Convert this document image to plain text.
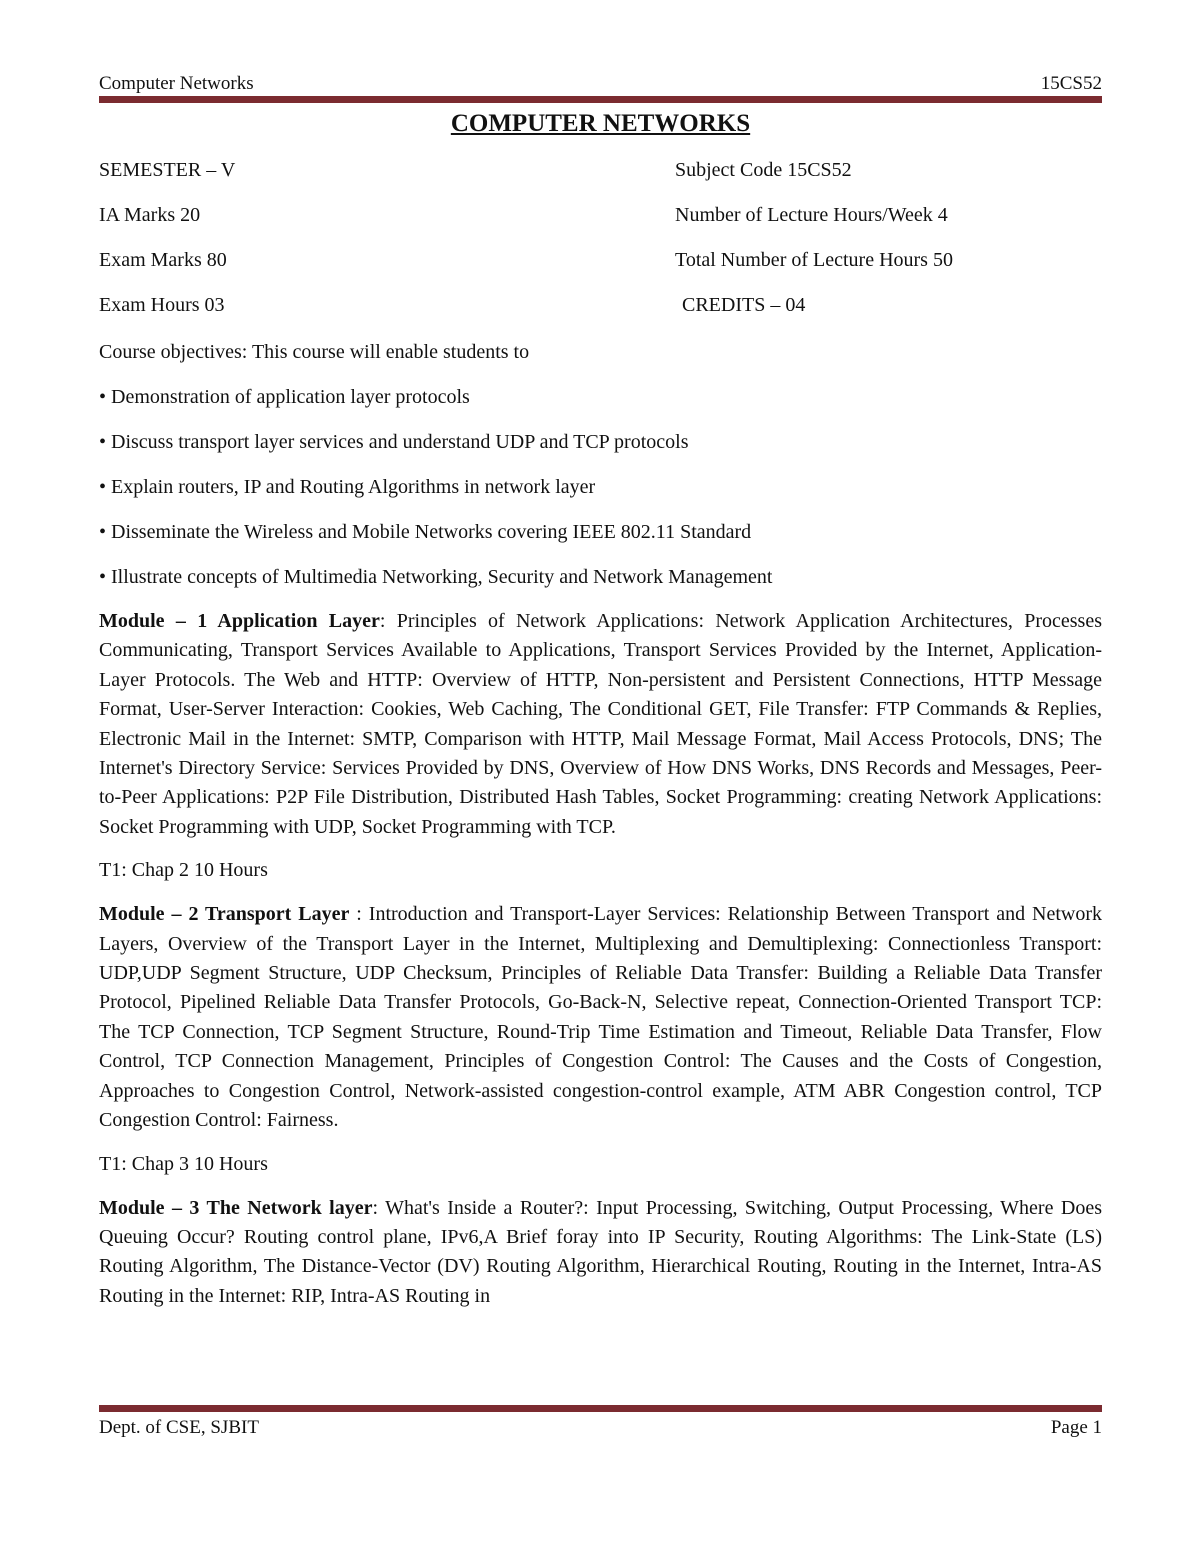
Computer Networks	15CS52
COMPUTER NETWORKS
SEMESTER – V	Subject Code 15CS52
IA Marks 20	Number of Lecture Hours/Week 4
Exam Marks 80	Total Number of Lecture Hours 50
Exam Hours 03	CREDITS – 04
Course objectives: This course will enable students to
• Demonstration of application layer protocols
• Discuss transport layer services and understand UDP and TCP protocols
• Explain routers, IP and Routing Algorithms in network layer
• Disseminate the Wireless and Mobile Networks covering IEEE 802.11 Standard
• Illustrate concepts of Multimedia Networking, Security and Network Management

Module – 1 Application Layer: Principles of Network Applications: Network Application Architectures, Processes Communicating, Transport Services Available to Applications, Transport Services Provided by the Internet, Application-Layer Protocols. The Web and HTTP: Overview of HTTP, Non-persistent and Persistent Connections, HTTP Message Format, User-Server Interaction: Cookies, Web Caching, The Conditional GET, File Transfer: FTP Commands & Replies, Electronic Mail in the Internet: SMTP, Comparison with HTTP, Mail Message Format, Mail Access Protocols, DNS; The Internet's Directory Service: Services Provided by DNS, Overview of How DNS Works, DNS Records and Messages, Peer-to-Peer Applications: P2P File Distribution, Distributed Hash Tables, Socket Programming: creating Network Applications: Socket Programming with UDP, Socket Programming with TCP.

T1: Chap 2 10 Hours

Module – 2 Transport Layer : Introduction and Transport-Layer Services: Relationship Between Transport and Network Layers, Overview of the Transport Layer in the Internet, Multiplexing and Demultiplexing: Connectionless Transport: UDP,UDP Segment Structure, UDP Checksum, Principles of Reliable Data Transfer: Building a Reliable Data Transfer Protocol, Pipelined Reliable Data Transfer Protocols, Go-Back-N, Selective repeat, Connection-Oriented Transport TCP: The TCP Connection, TCP Segment Structure, Round-Trip Time Estimation and Timeout, Reliable Data Transfer, Flow Control, TCP Connection Management, Principles of Congestion Control: The Causes and the Costs of Congestion, Approaches to Congestion Control, Network-assisted congestion-control example, ATM ABR Congestion control, TCP Congestion Control: Fairness.

T1: Chap 3 10 Hours

Module – 3 The Network layer: What's Inside a Router?: Input Processing, Switching, Output Processing, Where Does Queuing Occur? Routing control plane, IPv6,A Brief foray into IP Security, Routing Algorithms: The Link-State (LS) Routing Algorithm, The Distance-Vector (DV) Routing Algorithm, Hierarchical Routing, Routing in the Internet, Intra-AS Routing in the Internet: RIP, Intra-AS Routing in

Dept. of CSE, SJBIT	Page 1
